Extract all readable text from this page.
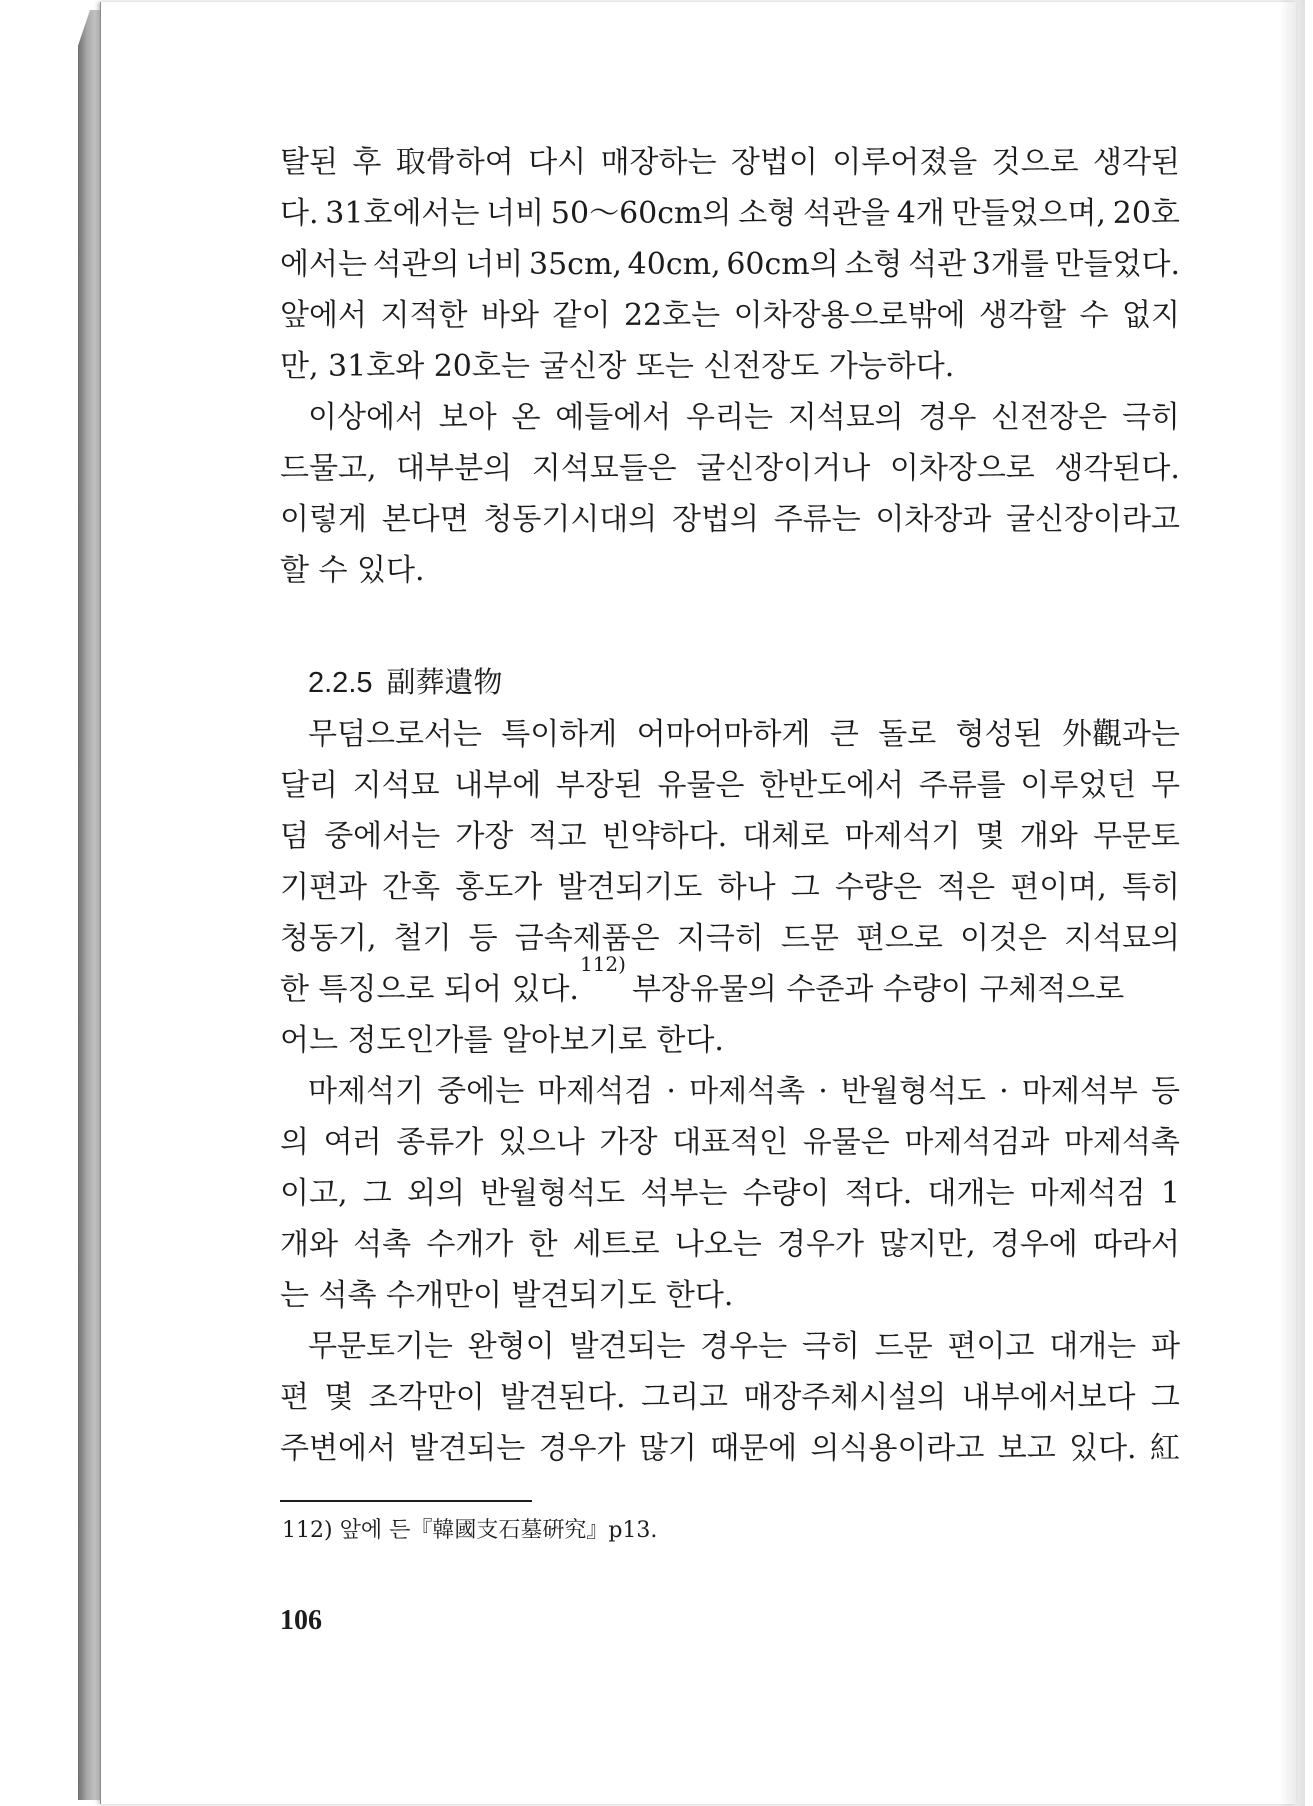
탈된 후 取骨하여 다시 매장하는 장법이 이루어졌을 것으로 생각된
다. 31호에서는 너비 50～60cm의 소형 석관을 4개 만들었으며, 20호
에서는 석관의 너비 35cm, 40cm, 60cm의 소형 석관 3개를 만들었다.
앞에서 지적한 바와 같이 22호는 이차장용으로밖에 생각할 수 없지
만, 31호와 20호는 굴신장 또는 신전장도 가능하다.
이상에서 보아 온 예들에서 우리는 지석묘의 경우 신전장은 극히
드물고, 대부분의 지석묘들은 굴신장이거나 이차장으로 생각된다.
이렇게 본다면 청동기시대의 장법의 주류는 이차장과 굴신장이라고
할 수 있다.
2.2.5 副葬遺物
무덤으로서는 특이하게 어마어마하게 큰 돌로 형성된 外觀과는
달리 지석묘 내부에 부장된 유물은 한반도에서 주류를 이루었던 무
덤 중에서는 가장 적고 빈약하다. 대체로 마제석기 몇 개와 무문토
기편과 간혹 홍도가 발견되기도 하나 그 수량은 적은 편이며, 특히
청동기, 철기 등 금속제품은 지극히 드문 편으로 이것은 지석묘의
한 특징으로 되어 있다.
112)
부장유물의 수준과 수량이 구체적으로
어느 정도인가를 알아보기로 한다.
마제석기 중에는 마제석검 · 마제석촉 · 반월형석도 · 마제석부 등
의 여러 종류가 있으나 가장 대표적인 유물은 마제석검과 마제석촉
이고, 그 외의 반월형석도 석부는 수량이 적다. 대개는 마제석검 1
개와 석촉 수개가 한 세트로 나오는 경우가 많지만, 경우에 따라서
는 석촉 수개만이 발견되기도 한다.
무문토기는 완형이 발견되는 경우는 극히 드문 편이고 대개는 파
편 몇 조각만이 발견된다. 그리고 매장주체시설의 내부에서보다 그
주변에서 발견되는 경우가 많기 때문에 의식용이라고 보고 있다. 紅
112) 앞에 든『韓國支石墓硏究』p13.
106
